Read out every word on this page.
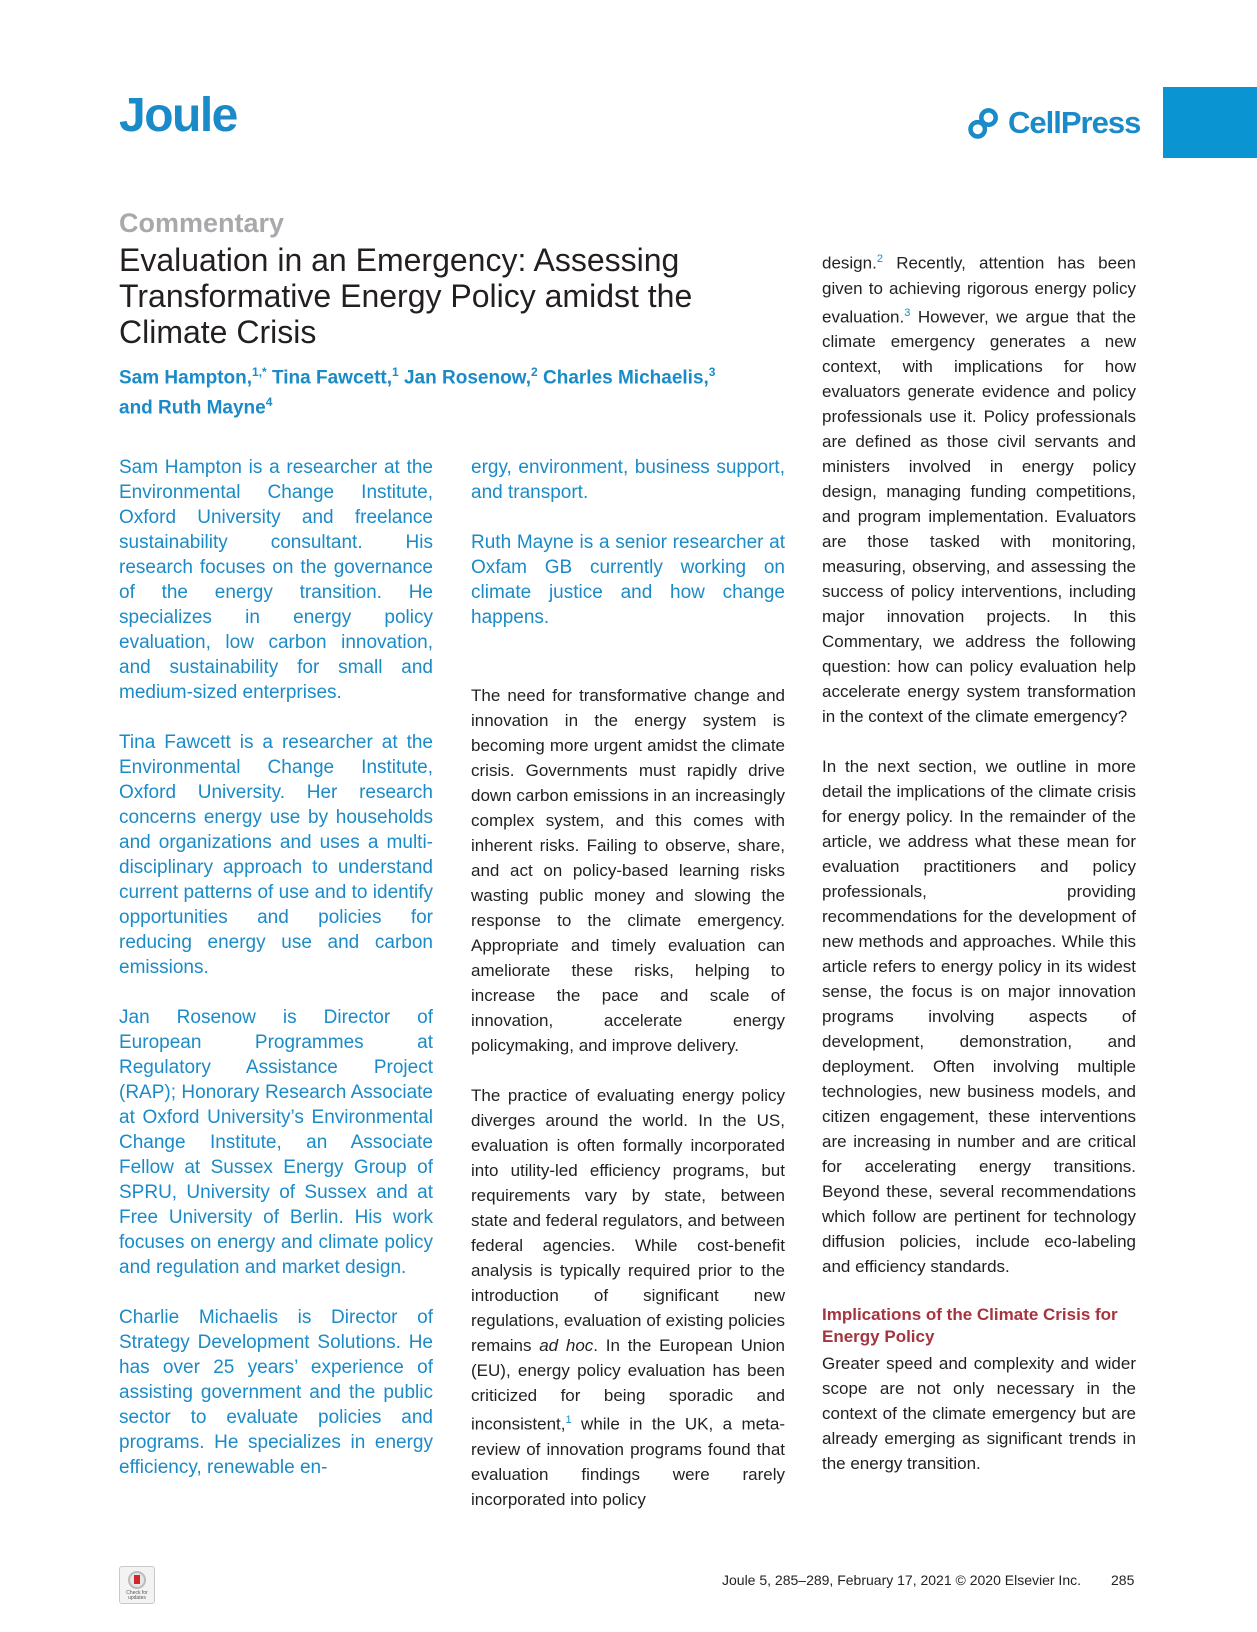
Joule	CellPress
Commentary
Evaluation in an Emergency: Assessing Transformative Energy Policy amidst the Climate Crisis
Sam Hampton,$^{1,*}$ Tina Fawcett,$^1$ Jan Rosenow,$^2$ Charles Michaelis,$^3$
and Ruth Mayne$^4$

Sam Hampton is a researcher at the Environmental Change Institute, Oxford University and freelance sustainability consultant. His research focuses on the governance of the energy transition. He specializes in energy policy evaluation, low carbon innovation, and sustainability for small and medium-sized enterprises.

Tina Fawcett is a researcher at the Environmental Change Institute, Oxford University. Her research concerns energy use by households and organizations and uses a multi-disciplinary approach to understand current patterns of use and to identify opportunities and policies for reducing energy use and carbon emissions.

Jan Rosenow is Director of European Programmes at Regulatory Assistance Project (RAP); Honorary Research Associate at Oxford University’s Environmental Change Institute, an Associate Fellow at Sussex Energy Group of SPRU, University of Sussex and at Free University of Berlin. His work focuses on energy and climate policy and regulation and market design.

Charlie Michaelis is Director of Strategy Development Solutions. He has over 25 years’ experience of assisting government and the public sector to evaluate policies and programs. He specializes in energy efficiency, renewable en-

ergy, environment, business support, and transport.

Ruth Mayne is a senior researcher at Oxfam GB currently working on climate justice and how change happens.

The need for transformative change and innovation in the energy system is becoming more urgent amidst the climate crisis. Governments must rapidly drive down carbon emissions in an increasingly complex system, and this comes with inherent risks. Failing to observe, share, and act on policy-based learning risks wasting public money and slowing the response to the climate emergency. Appropriate and timely evaluation can ameliorate these risks, helping to increase the pace and scale of innovation, accelerate energy policymaking, and improve delivery.

The practice of evaluating energy policy diverges around the world. In the US, evaluation is often formally incorporated into utility-led efficiency programs, but requirements vary by state, between state and federal regulators, and between federal agencies. While cost-benefit analysis is typically required prior to the introduction of significant new regulations, evaluation of existing policies remains ad hoc. In the European Union (EU), energy policy evaluation has been criticized for being sporadic and inconsistent,$^1$ while in the UK, a meta-review of innovation programs found that evaluation findings were rarely incorporated into policy

design.$^2$ Recently, attention has been given to achieving rigorous energy policy evaluation.$^3$ However, we argue that the climate emergency generates a new context, with implications for how evaluators generate evidence and policy professionals use it. Policy professionals are defined as those civil servants and ministers involved in energy policy design, managing funding competitions, and program implementation. Evaluators are those tasked with monitoring, measuring, observing, and assessing the success of policy interventions, including major innovation projects. In this Commentary, we address the following question: how can policy evaluation help accelerate energy system transformation in the context of the climate emergency?

In the next section, we outline in more detail the implications of the climate crisis for energy policy. In the remainder of the article, we address what these mean for evaluation practitioners and policy professionals, providing recommendations for the development of new methods and approaches. While this article refers to energy policy in its widest sense, the focus is on major innovation programs involving aspects of development, demonstration, and deployment. Often involving multiple technologies, new business models, and citizen engagement, these interventions are increasing in number and are critical for accelerating energy transitions. Beyond these, several recommendations which follow are pertinent for technology diffusion policies, include eco-labeling and efficiency standards.

Implications of the Climate Crisis for Energy Policy

Greater speed and complexity and wider scope are not only necessary in the context of the climate emergency but are already emerging as significant trends in the energy transition.

Check for updates
Joule 5, 285–289, February 17, 2021 © 2020 Elsevier Inc. 285
